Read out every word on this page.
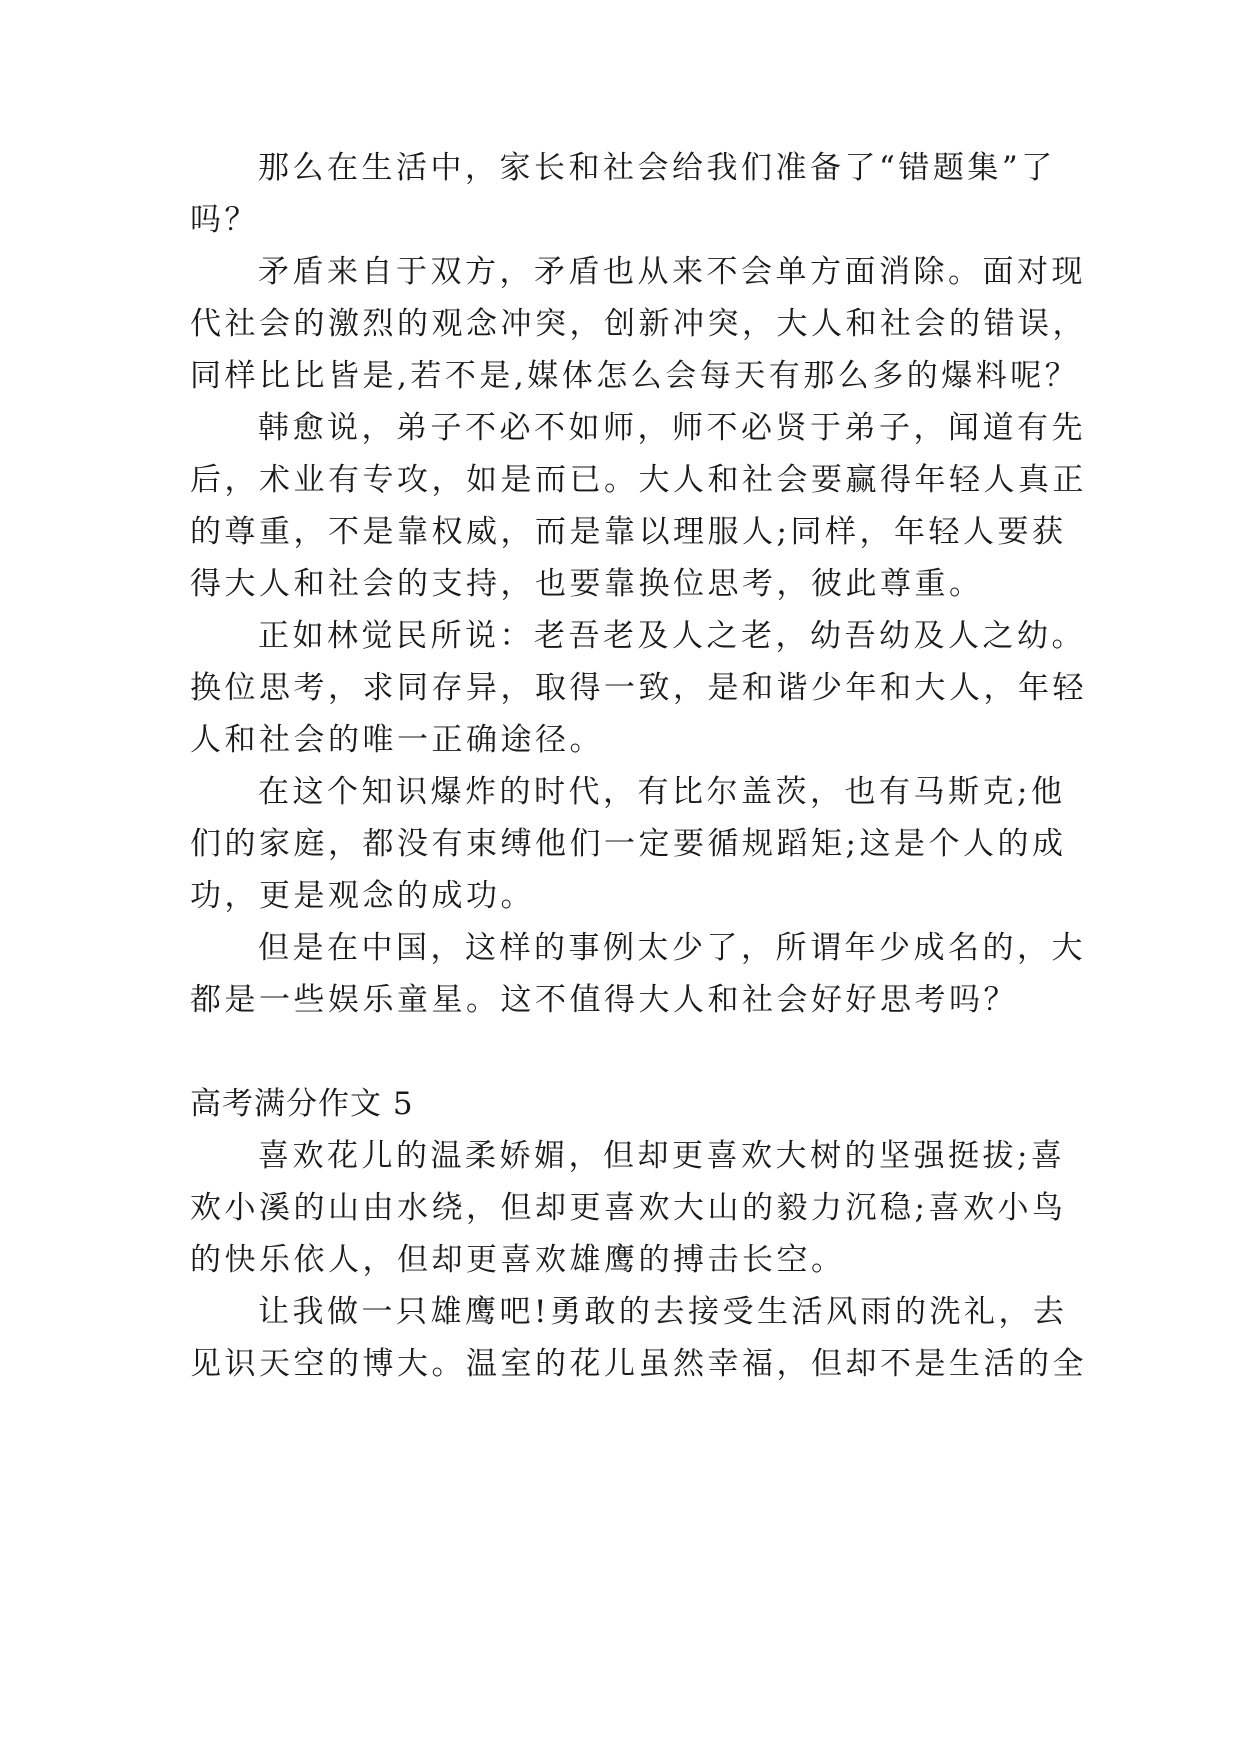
那么在生活中，家长和社会给我们准备了“错题集”了
吗？
矛盾来自于双方，矛盾也从来不会单方面消除。面对现
代社会的激烈的观念冲突，创新冲突，大人和社会的错误，
同样比比皆是,若不是,媒体怎么会每天有那么多的爆料呢？
韩愈说，弟子不必不如师，师不必贤于弟子，闻道有先
后，术业有专攻，如是而已。大人和社会要赢得年轻人真正
的尊重，不是靠权威，而是靠以理服人;同样，年轻人要获
得大人和社会的支持，也要靠换位思考，彼此尊重。
正如林觉民所说：老吾老及人之老，幼吾幼及人之幼。
换位思考，求同存异，取得一致，是和谐少年和大人，年轻
人和社会的唯一正确途径。
在这个知识爆炸的时代，有比尔盖茨，也有马斯克;他
们的家庭，都没有束缚他们一定要循规蹈矩;这是个人的成
功，更是观念的成功。
但是在中国，这样的事例太少了，所谓年少成名的，大
都是一些娱乐童星。这不值得大人和社会好好思考吗？
高考满分作文 5
喜欢花儿的温柔娇媚，但却更喜欢大树的坚强挺拔;喜
欢小溪的山由水绕，但却更喜欢大山的毅力沉稳;喜欢小鸟
的快乐依人，但却更喜欢雄鹰的搏击长空。
让我做一只雄鹰吧!勇敢的去接受生活风雨的洗礼，去
见识天空的博大。温室的花儿虽然幸福，但却不是生活的全
